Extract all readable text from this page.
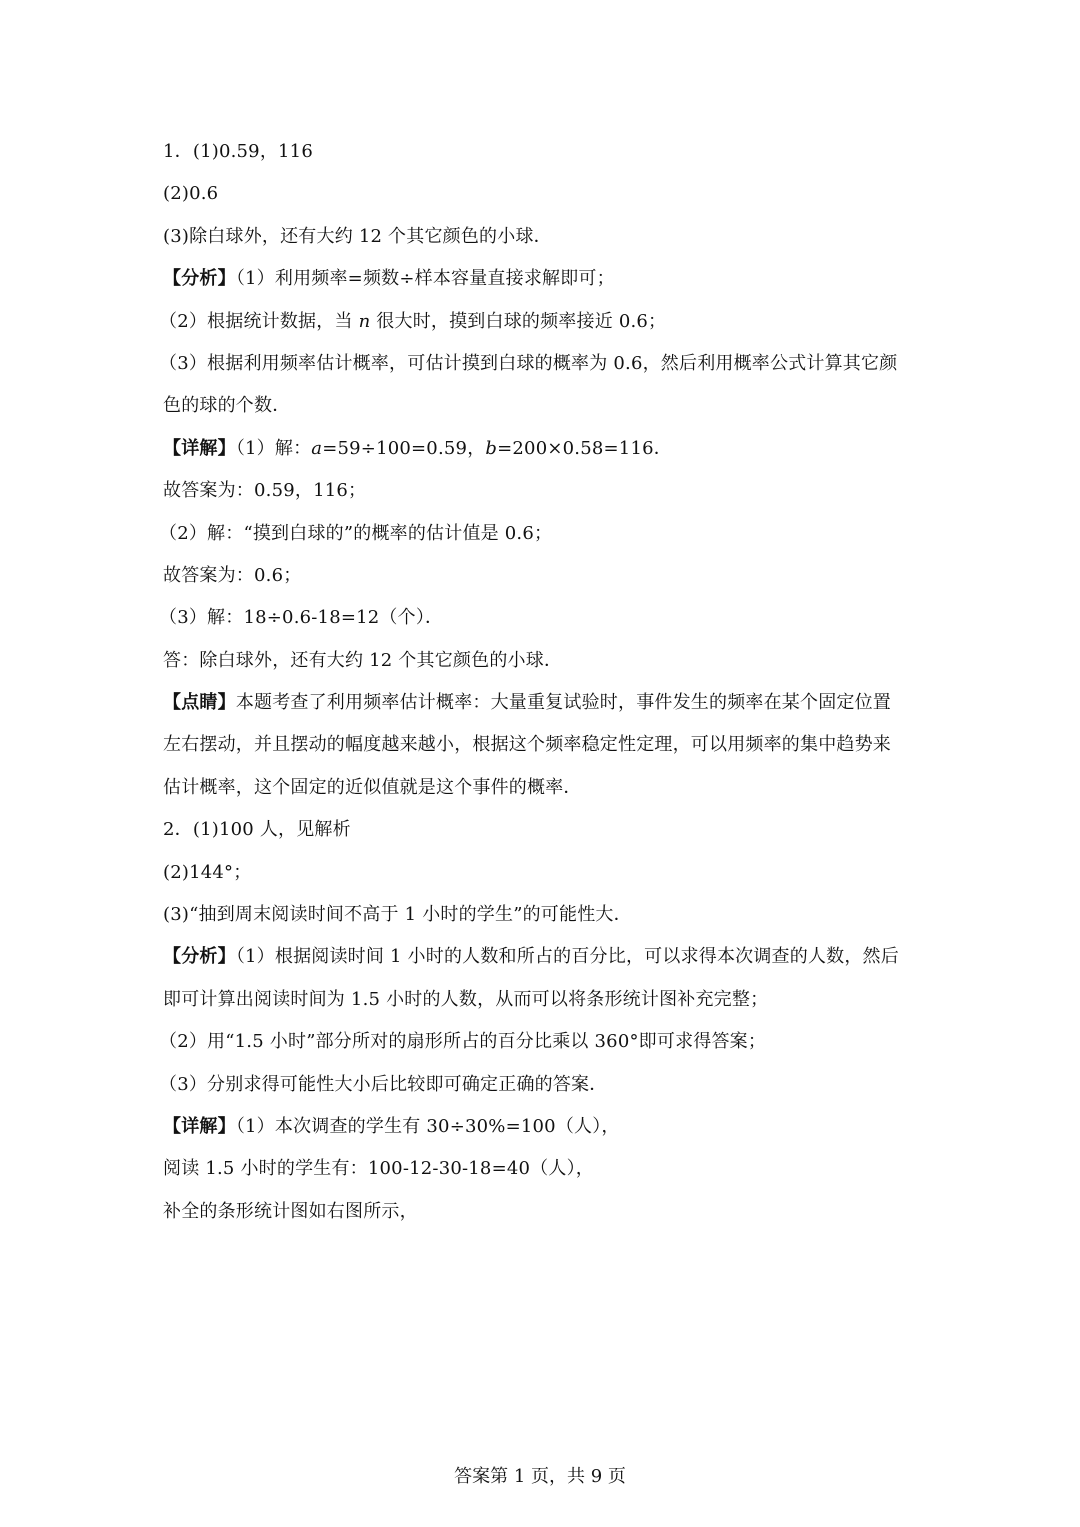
1．(1)0.59，116
(2)0.6
(3)除白球外，还有大约 12 个其它颜色的小球．
【分析】（1）利用频率=频数÷样本容量直接求解即可；
（2）根据统计数据，当 n 很大时，摸到白球的频率接近 0.6；
（3）根据利用频率估计概率，可估计摸到白球的概率为 0.6，然后利用概率公式计算其它颜
色的球的个数．
【详解】（1）解：a=59÷100=0.59，b=200×0.58=116．
故答案为：0.59，116；
（2）解：“摸到白球的”的概率的估计值是 0.6；
故答案为：0.6；
（3）解：18÷0.6-18=12（个）．
答：除白球外，还有大约 12 个其它颜色的小球．
【点睛】本题考查了利用频率估计概率：大量重复试验时，事件发生的频率在某个固定位置
左右摆动，并且摆动的幅度越来越小，根据这个频率稳定性定理，可以用频率的集中趋势来
估计概率，这个固定的近似值就是这个事件的概率．
2．(1)100 人，见解析
(2)144°；
(3)“抽到周末阅读时间不高于 1 小时的学生”的可能性大．
【分析】（1）根据阅读时间 1 小时的人数和所占的百分比，可以求得本次调查的人数，然后
即可计算出阅读时间为 1.5 小时的人数，从而可以将条形统计图补充完整；
（2）用“1.5 小时”部分所对的扇形所占的百分比乘以 360°即可求得答案；
（3）分别求得可能性大小后比较即可确定正确的答案．
【详解】（1）本次调查的学生有 30÷30%=100（人），
阅读 1.5 小时的学生有：100-12-30-18=40（人），
补全的条形统计图如右图所示，
答案第 1 页，共 9 页
